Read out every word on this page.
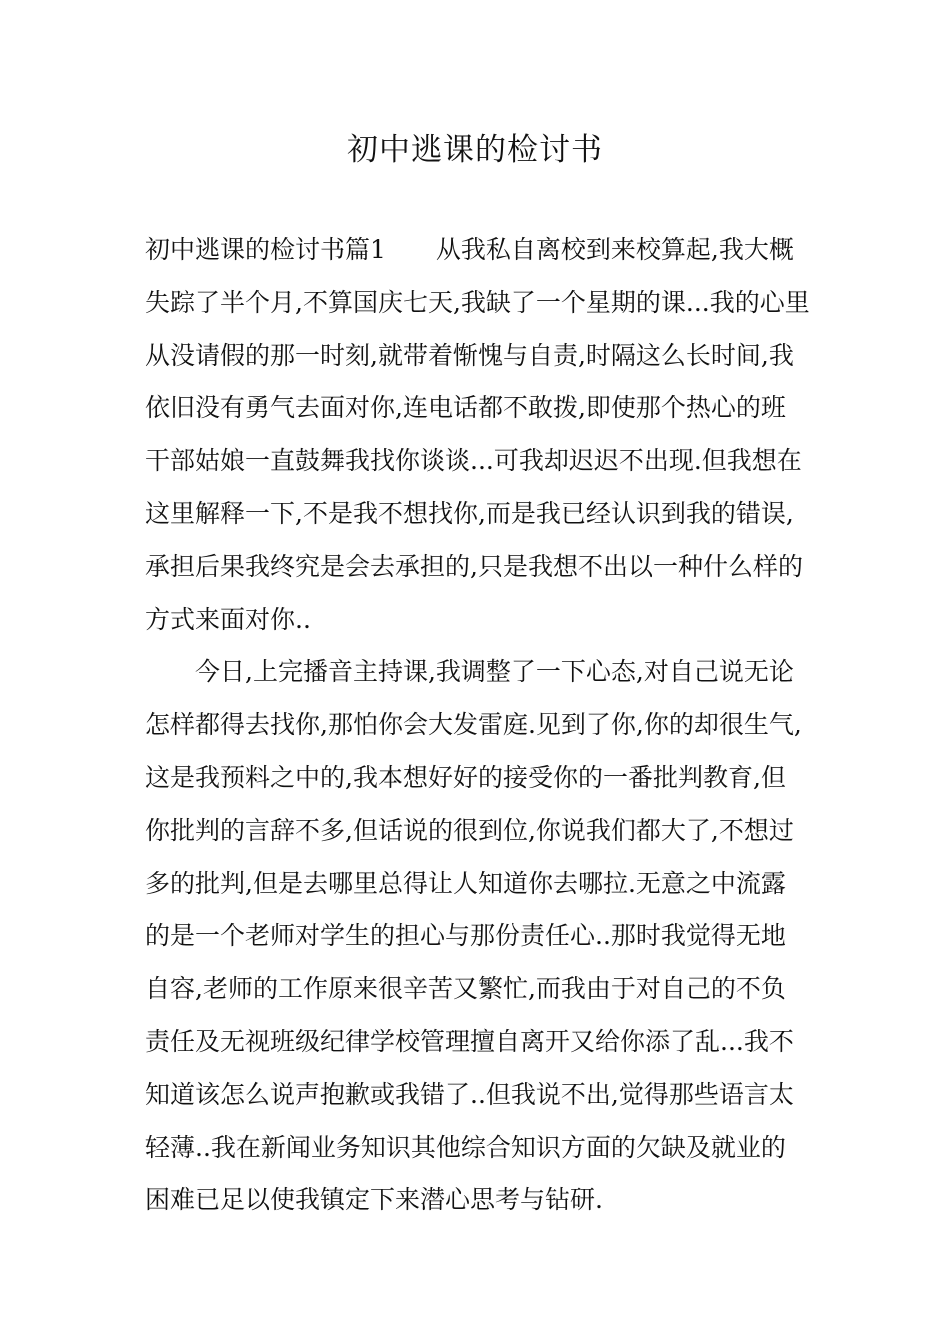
初中逃课的检讨书

初中逃课的检讨书篇1　　从我私自离校到来校算起,我大概失踪了半个月,不算国庆七天,我缺了一个星期的课...我的心里从没请假的那一时刻,就带着惭愧与自责,时隔这么长时间,我依旧没有勇气去面对你,连电话都不敢拨,即使那个热心的班干部姑娘一直鼓舞我找你谈谈...可我却迟迟不出现.但我想在这里解释一下,不是我不想找你,而是我已经认识到我的错误,承担后果我终究是会去承担的,只是我想不出以一种什么样的方式来面对你..

今日,上完播音主持课,我调整了一下心态,对自己说无论怎样都得去找你,那怕你会大发雷庭.见到了你,你的却很生气,这是我预料之中的,我本想好好的接受你的一番批判教育,但你批判的言辞不多,但话说的很到位,你说我们都大了,不想过多的批判,但是去哪里总得让人知道你去哪拉.无意之中流露的是一个老师对学生的担心与那份责任心..那时我觉得无地自容,老师的工作原来很辛苦又繁忙,而我由于对自己的不负责任及无视班级纪律学校管理擅自离开又给你添了乱...我不知道该怎么说声抱歉或我错了..但我说不出,觉得那些语言太轻薄..我在新闻业务知识其他综合知识方面的欠缺及就业的困难已足以使我镇定下来潜心思考与钻研.
